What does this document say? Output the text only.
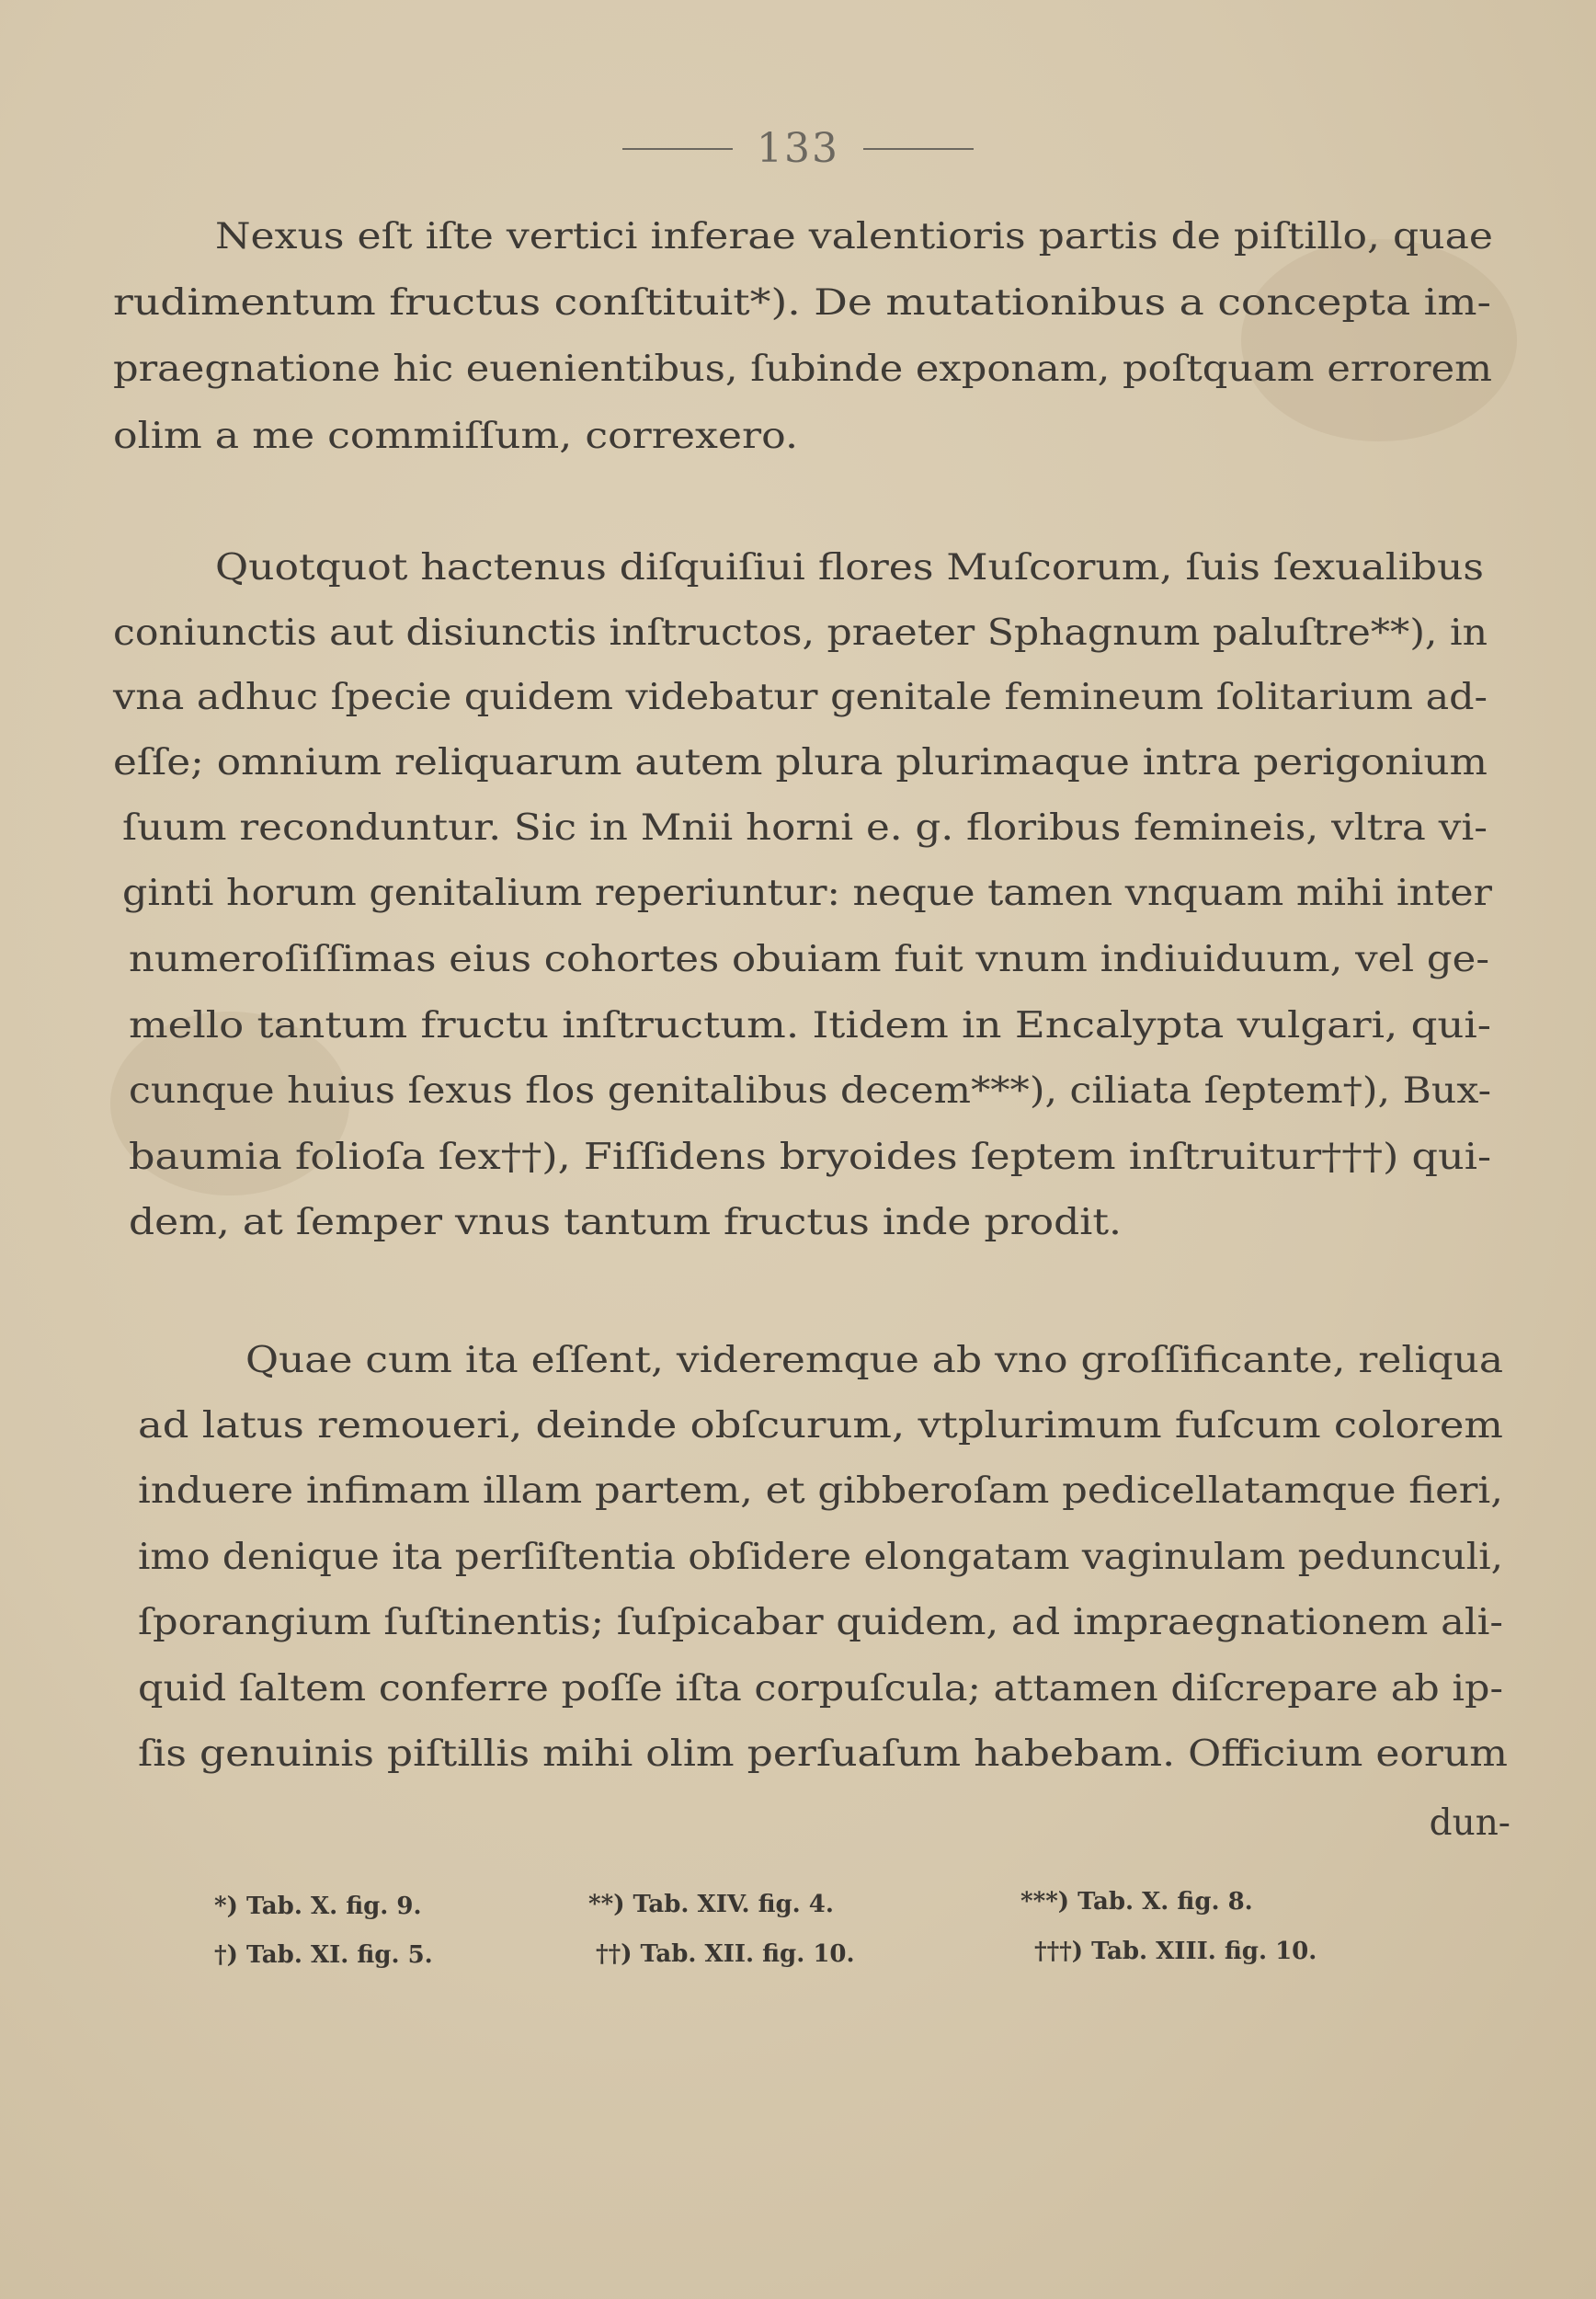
133
Nexus eſt iſte vertici inferae valentioris partis de piſtillo, quae
rudimentum fructus conſtituit*). De mutationibus a concepta im-
praegnatione hic euenientibus, ſubinde exponam, poſtquam errorem
olim a me commiſſum, correxero.
Quotquot hactenus diſquiſiui flores Muſcorum, ſuis ſexualibus
coniunctis aut disiunctis inſtructos, praeter Sphagnum paluſtre**), in
vna adhuc ſpecie quidem videbatur genitale femineum ſolitarium ad-
eſſe; omnium reliquarum autem plura plurimaque intra perigonium
ſuum reconduntur. Sic in Mnii horni e. g. floribus femineis, vltra vi-
ginti horum genitalium reperiuntur: neque tamen vnquam mihi inter
numeroſiſſimas eius cohortes obuiam fuit vnum indiuiduum, vel ge-
mello tantum fructu inſtructum. Itidem in Encalypta vulgari, qui-
cunque huius ſexus flos genitalibus decem***), ciliata ſeptem†), Bux-
baumia folioſa ſex††), Fiſſidens bryoides ſeptem inſtruitur†††) qui-
dem, at ſemper vnus tantum fructus inde prodit.
Quae cum ita eſſent, videremque ab vno groſſificante, reliqua
ad latus remoueri, deinde obſcurum, vtplurimum fuſcum colorem
induere infimam illam partem, et gibberoſam pedicellatamque fieri,
imo denique ita perſiſtentia obſidere elongatam vaginulam pedunculi,
ſporangium ſuſtinentis; ſuſpicabar quidem, ad impraegnationem ali-
quid ſaltem conferre poſſe iſta corpuſcula; attamen diſcrepare ab ip-
ſis genuinis piſtillis mihi olim perſuaſum habebam. Officium eorum
dun-
*) Tab. X. fig. 9.	**) Tab. XIV. fig. 4.	***) Tab. X. fig. 8.
†) Tab. XI. fig. 5.	††) Tab. XII. fig. 10.	†††) Tab. XIII. fig. 10.
